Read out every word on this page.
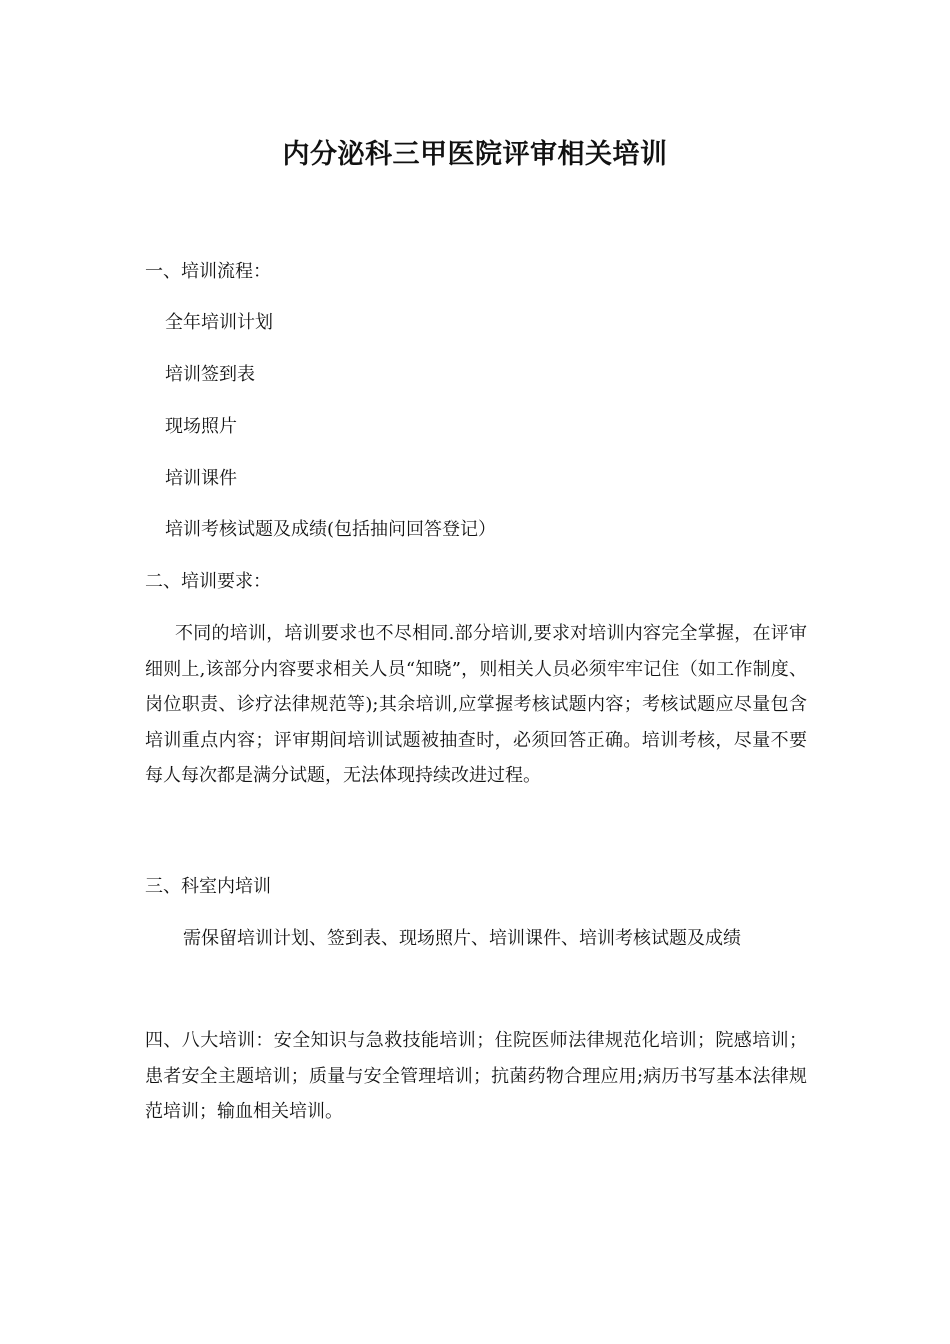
内分泌科三甲医院评审相关培训

一、培训流程：

全年培训计划

培训签到表

现场照片

培训课件

培训考核试题及成绩(包括抽问回答登记）

二、培训要求：

不同的培训，培训要求也不尽相同.部分培训,要求对培训内容完全掌握，在评审细则上,该部分内容要求相关人员“知晓”，则相关人员必须牢牢记住（如工作制度、岗位职责、诊疗法律规范等);其余培训,应掌握考核试题内容；考核试题应尽量包含培训重点内容；评审期间培训试题被抽查时，必须回答正确。培训考核，尽量不要每人每次都是满分试题，无法体现持续改进过程。

三、科室内培训

需保留培训计划、签到表、现场照片、培训课件、培训考核试题及成绩

四、八大培训：安全知识与急救技能培训；住院医师法律规范化培训；院感培训；患者安全主题培训；质量与安全管理培训；抗菌药物合理应用;病历书写基本法律规范培训；输血相关培训。
